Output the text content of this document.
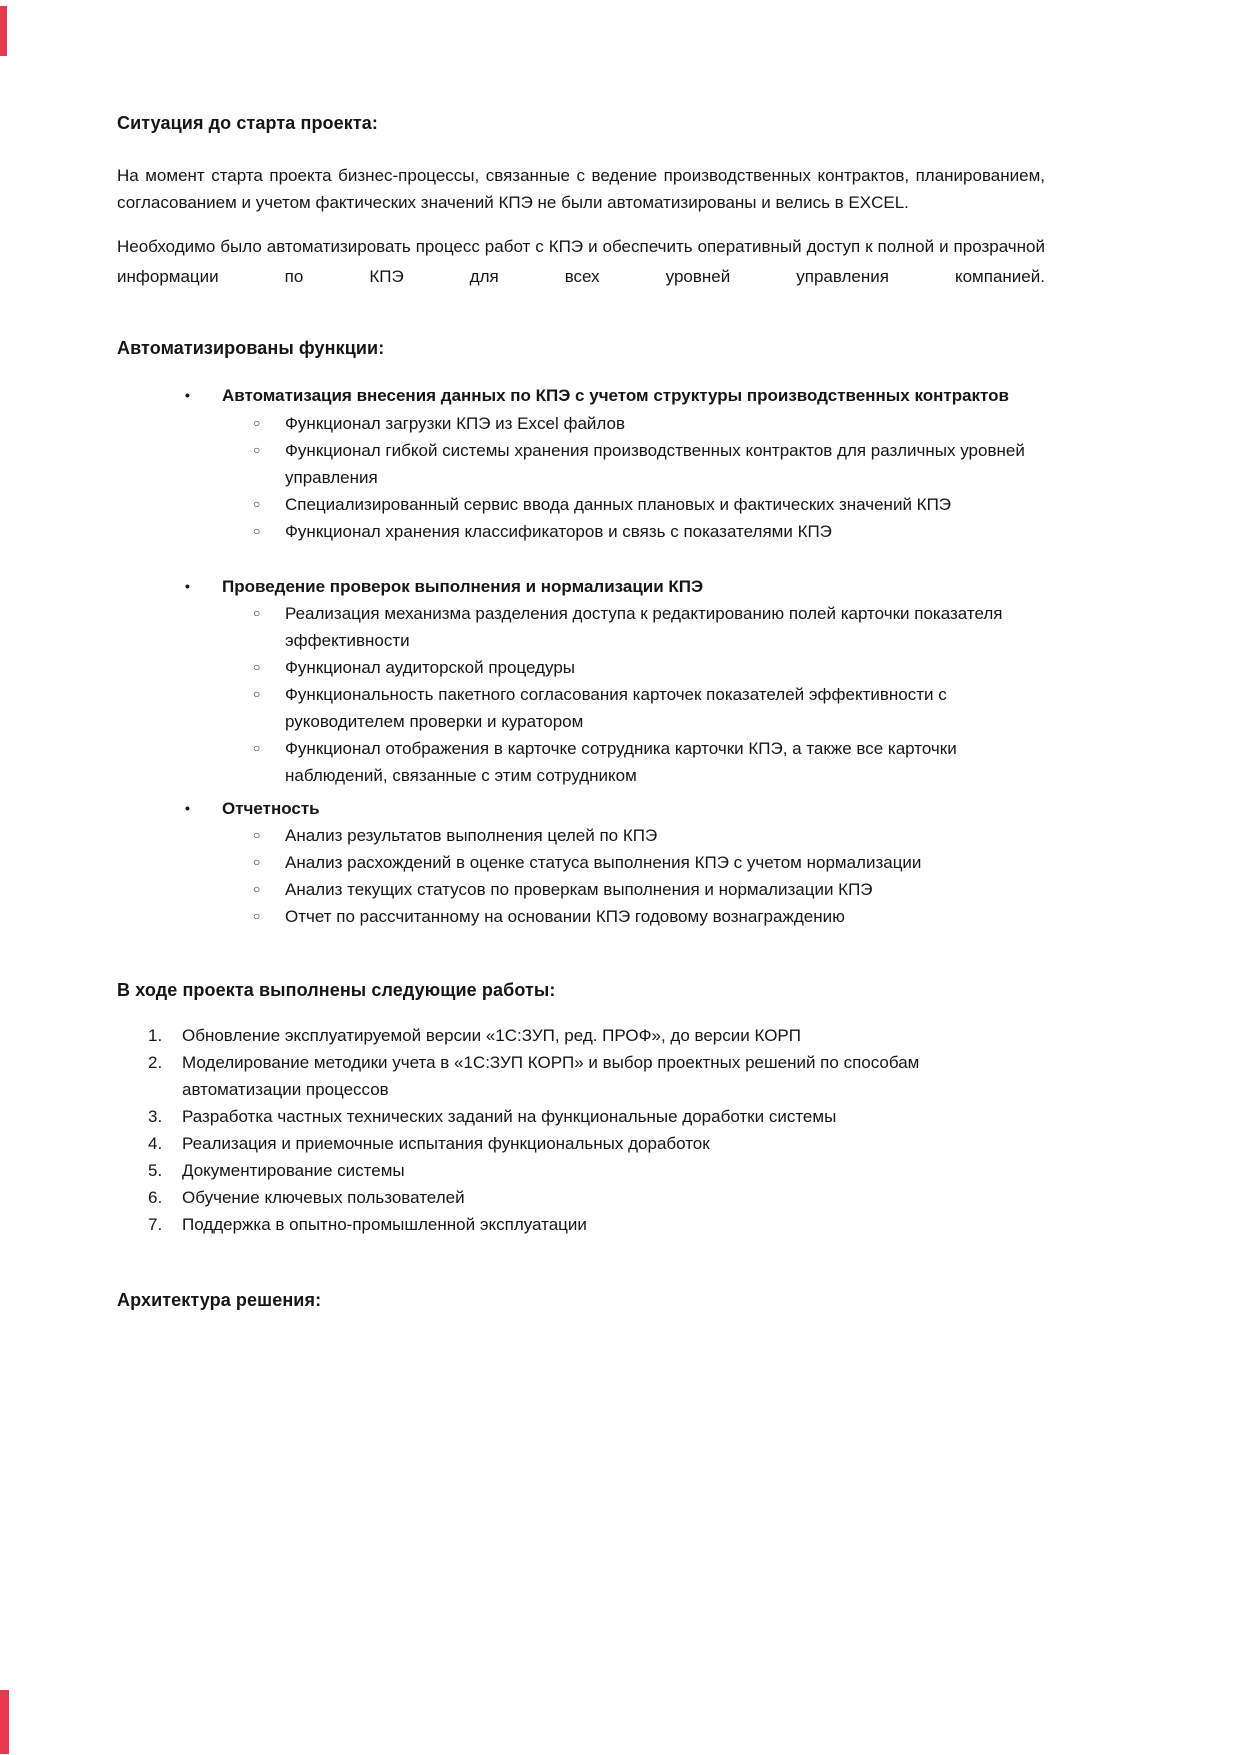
Ситуация до старта проекта:

На момент старта проекта бизнес-процессы, связанные с ведение производственных контрактов, планированием, согласованием и учетом фактических значений КПЭ не были автоматизированы и велись в EXCEL.

Необходимо было автоматизировать процесс работ с КПЭ и обеспечить оперативный доступ к полной и прозрачной

информации	по	КПЭ	для	всех	уровней	управления	компанией.
Автоматизированы функции:
•	Автоматизация внесения данных по КПЭ с учетом структуры производственных контрактов
○	Функционал загрузки КПЭ из Excel файлов
○	Функционал гибкой системы хранения производственных контрактов для различных уровней управления
○	Специализированный сервис ввода данных плановых и фактических значений КПЭ
○	Функционал хранения классификаторов и связь с показателями КПЭ
•	Проведение проверок выполнения и нормализации КПЭ
○	Реализация механизма разделения доступа к редактированию полей карточки показателя эффективности
○	Функционал аудиторской процедуры
○	Функциональность пакетного согласования карточек показателей эффективности с руководителем проверки и куратором
○	Функционал отображения в карточке сотрудника карточки КПЭ, а также все карточки наблюдений, связанные с этим сотрудником
•	Отчетность
○	Анализ результатов выполнения целей по КПЭ
○	Анализ расхождений в оценке статуса выполнения КПЭ с учетом нормализации
○	Анализ текущих статусов по проверкам выполнения и нормализации КПЭ
○	Отчет по рассчитанному на основании КПЭ годовому вознаграждению
В ходе проекта выполнены следующие работы:
1.	Обновление эксплуатируемой версии «1С:ЗУП, ред. ПРОФ», до версии КОРП
2.	Моделирование методики учета в «1С:ЗУП КОРП» и выбор проектных решений по способам автоматизации процессов
3.	Разработка частных технических заданий на функциональные доработки системы
4.	Реализация и приемочные испытания функциональных доработок
5.	Документирование системы
6.	Обучение ключевых пользователей
7.	Поддержка в опытно-промышленной эксплуатации
Архитектура решения:
